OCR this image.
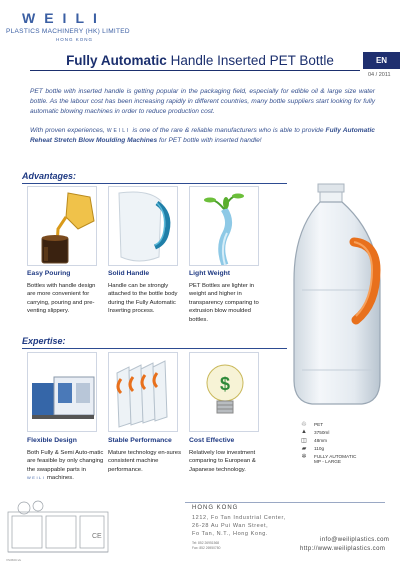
WEILI
PLASTICS MACHINERY (HK) LIMITED
HONG KONG
Fully Automatic Handle Inserted PET Bottle	EN
04 / 2011
PET bottle with inserted handle is getting popular in the packaging field, especially for edible oil & large size water bottle. As the labour cost has been increasing rapidly in different countries, many bottle suppliers start looking for fully automatic blowing machines in order to reduce production cost.
With proven experiences, WEILI is one of the rare & reliable manufacturers who is able to provide Fully Automatic Reheat Stretch Blow Moulding Machines for PET bottle with inserted handle!
Advantages:
Easy Pouring
Bottles with handle design are more convenient for carrying, pouring and pre-venting slippery.
Solid Handle
Handle can be strongly attached to the bottle body during the Fully Automatic Inserting process.
Light Weight
PET Bottles are lighter in weight and higher in transparency comparing to extrusion blow moulded bottles.
Expertise:
Flexible Design
Both Fully & Semi Auto-matic are feasible by only changing the swappable parts in WEILI machines.
Stable Performance
Mature technology en-sures consistent machine performance.
$
Cost Effective
Relatively low investment comparing to European & Japanese technology.
♲ PET
▲ 3750ml
◫ 48mm
▰	110g
✲	FULLY AUTOMATIC
MP - LARGE
CE
HONG KONG
1212, Fo Tan Industrial Center,
26-28 Au Pui Wan Street,
Fo Tan, N.T., Hong Kong.
Tel: 852 26951568
Fax: 852 26950780
info@weiliplastics.com
http://www.weiliplastics.com
VS3600-Ve
